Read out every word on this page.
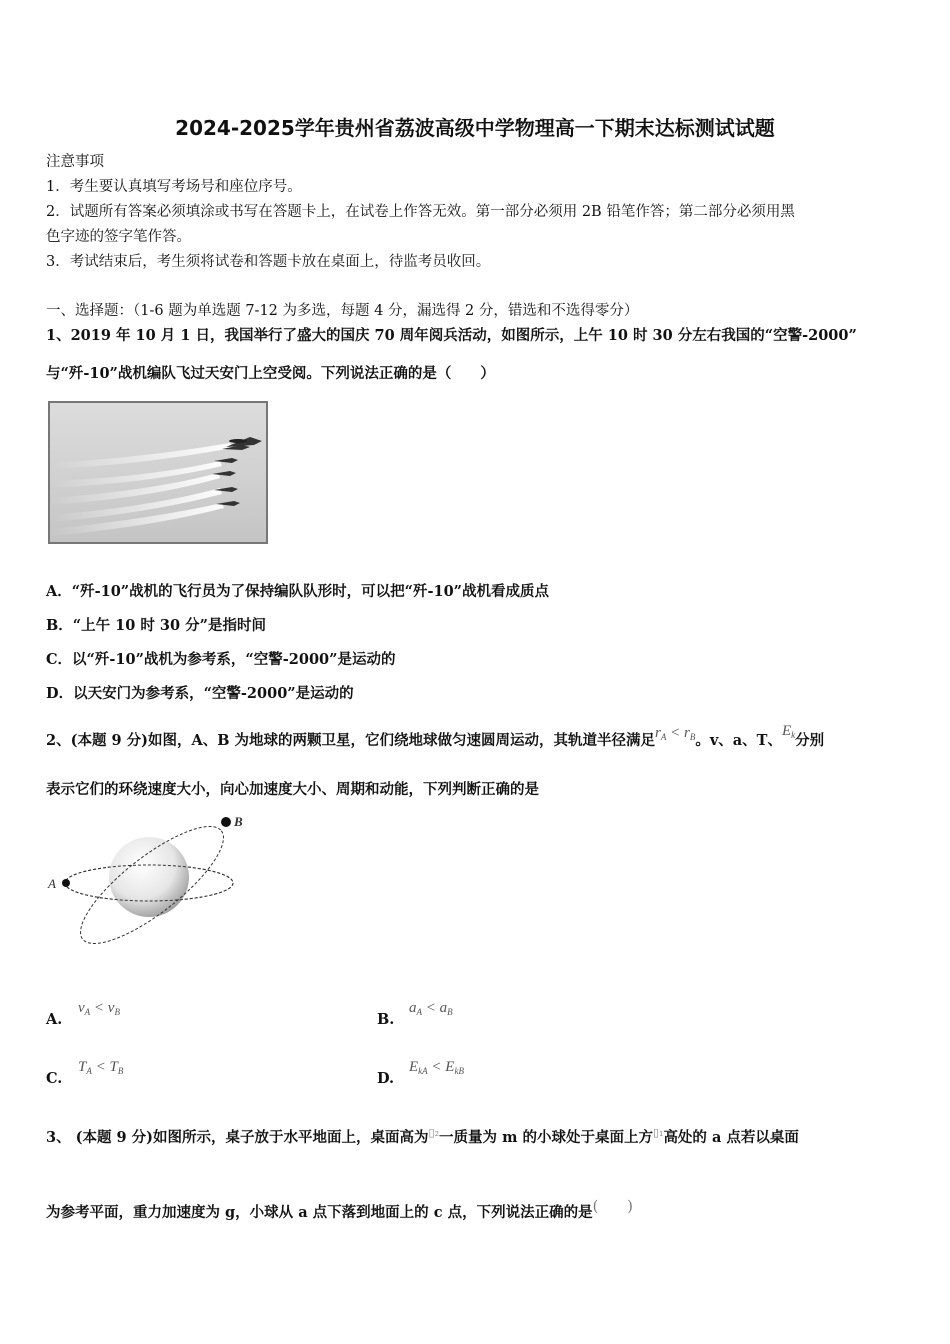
2024-2025学年贵州省荔波高级中学物理高一下期末达标测试试题
注意事项
1．考生要认真填写考场号和座位序号。
2．试题所有答案必须填涂或书写在答题卡上，在试卷上作答无效。第一部分必须用 2B 铅笔作答；第二部分必须用黑
色字迹的签字笔作答。
3．考试结束后，考生须将试卷和答题卡放在桌面上，待监考员收回。
一、选择题：（1-6 题为单选题 7-12 为多选，每题 4 分，漏选得 2 分，错选和不选得零分）
1、2019 年 10 月 1 日，我国举行了盛大的国庆 70 周年阅兵活动，如图所示，上午 10 时 30 分左右我国的“空警-2000”
与“歼-10”战机编队飞过天安门上空受阅。下列说法正确的是（　　）
A．“歼-10”战机的飞行员为了保持编队队形时，可以把“歼-10”战机看成质点
B．“上午 10 时 30 分”是指时间
C．以“歼-10”战机为参考系，“空警-2000”是运动的
D．以天安门为参考系，“空警-2000”是运动的
2、(本题 9 分)如图，A、B 为地球的两颗卫星，它们绕地球做匀速圆周运动，其轨道半径满足$r_A < r_B$。v、a、T、$E_k$分别
表示它们的环绕速度大小，向心加速度大小、周期和动能，下列判断正确的是
A
B
A.
$v_A < v_B$	B.
$a_A < a_B$
C.
$T_A < T_B$	D.
$E_{kA} < E_{kB}$
3、 (本题 9 分)如图所示，桌子放于水平地面上，桌面高为$^{▯_2}$一质量为 m 的小球处于桌面上方$^{▯_1}$高处的 a 点若以桌面
为参考平面，重力加速度为 g，小球从 a 点下落到地面上的 c 点，下列说法正确的是(　　)
